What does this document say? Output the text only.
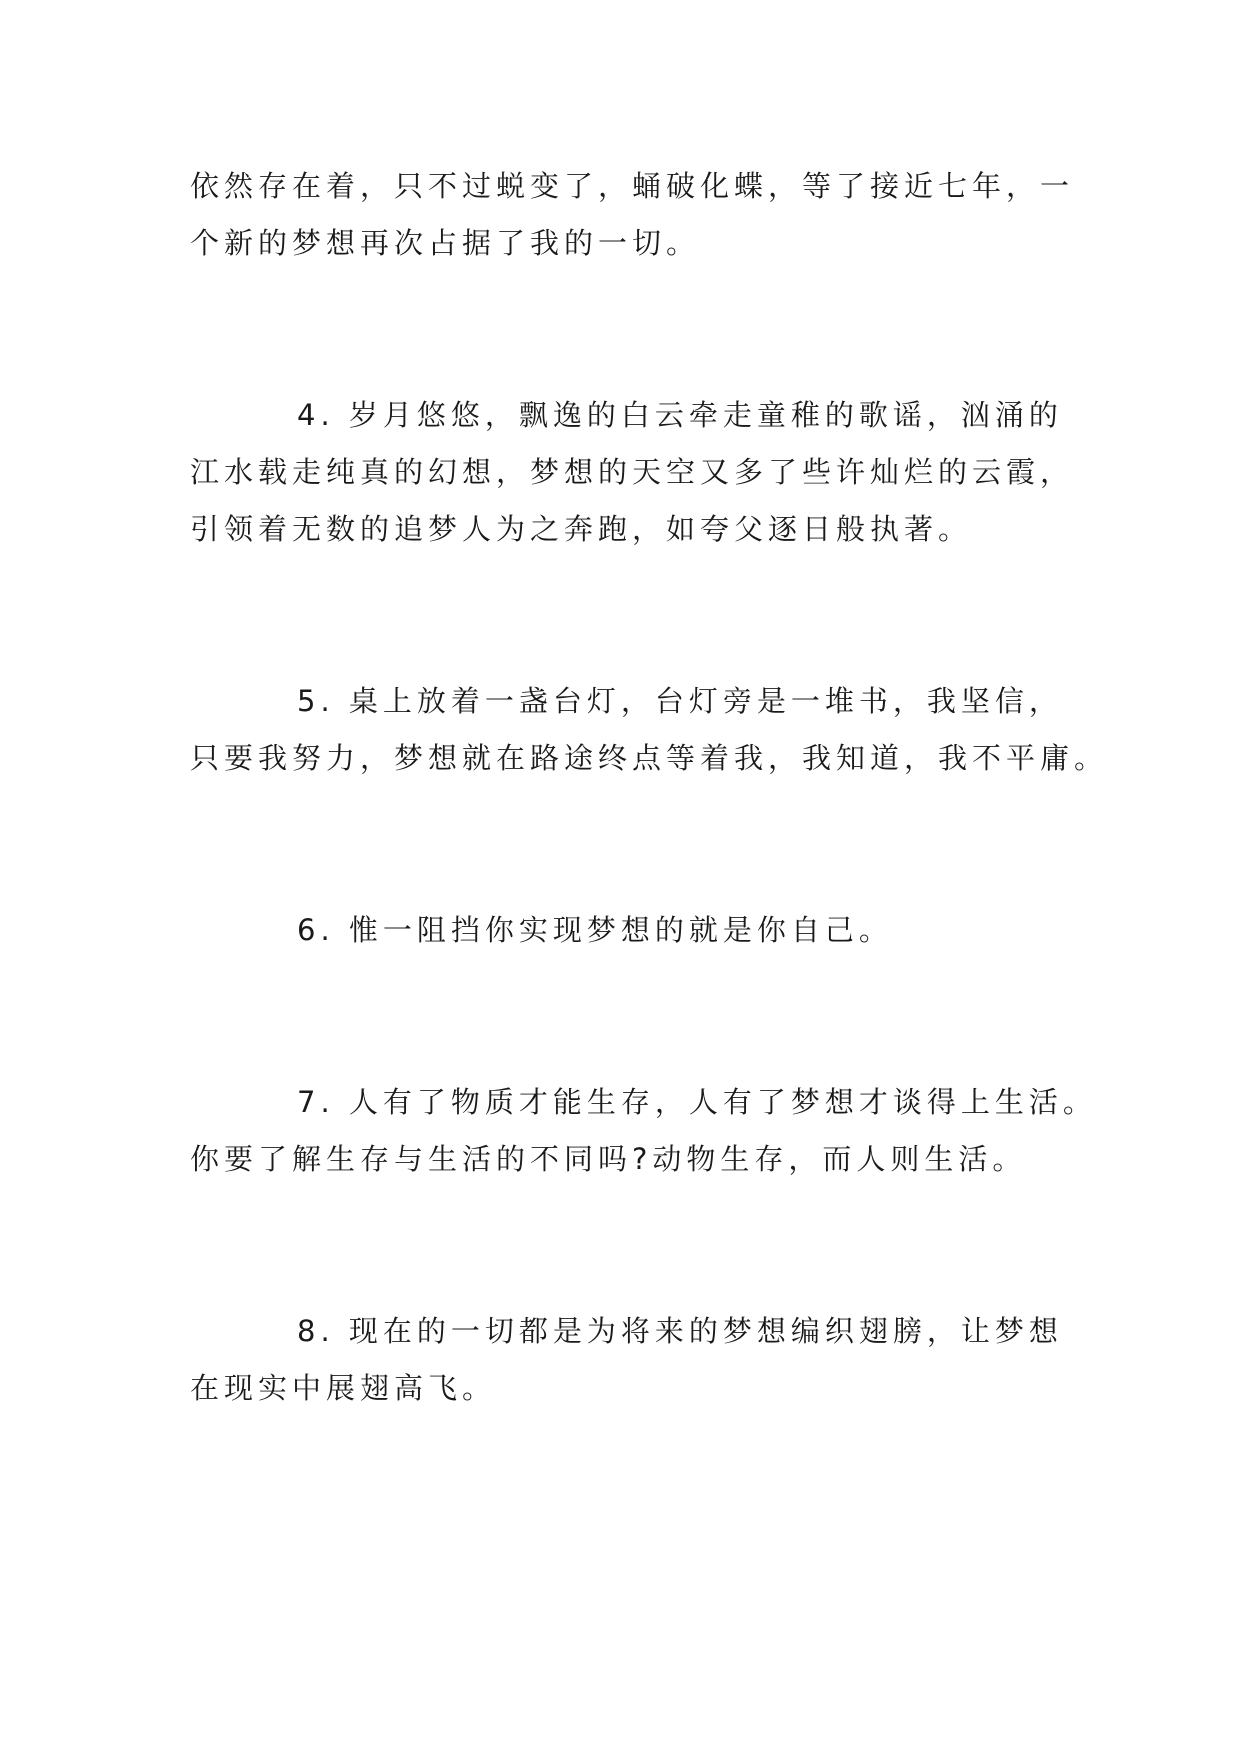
依然存在着，只不过蜕变了，蛹破化蝶，等了接近七年，一
个新的梦想再次占据了我的一切。
4. 岁月悠悠，飘逸的白云牵走童稚的歌谣，汹涌的
江水载走纯真的幻想，梦想的天空又多了些许灿烂的云霞，
引领着无数的追梦人为之奔跑，如夸父逐日般执著。
5. 桌上放着一盏台灯，台灯旁是一堆书，我坚信，
只要我努力，梦想就在路途终点等着我，我知道，我不平庸。
6. 惟一阻挡你实现梦想的就是你自己。
7. 人有了物质才能生存，人有了梦想才谈得上生活。
你要了解生存与生活的不同吗?动物生存，而人则生活。
8. 现在的一切都是为将来的梦想编织翅膀，让梦想
在现实中展翅高飞。
